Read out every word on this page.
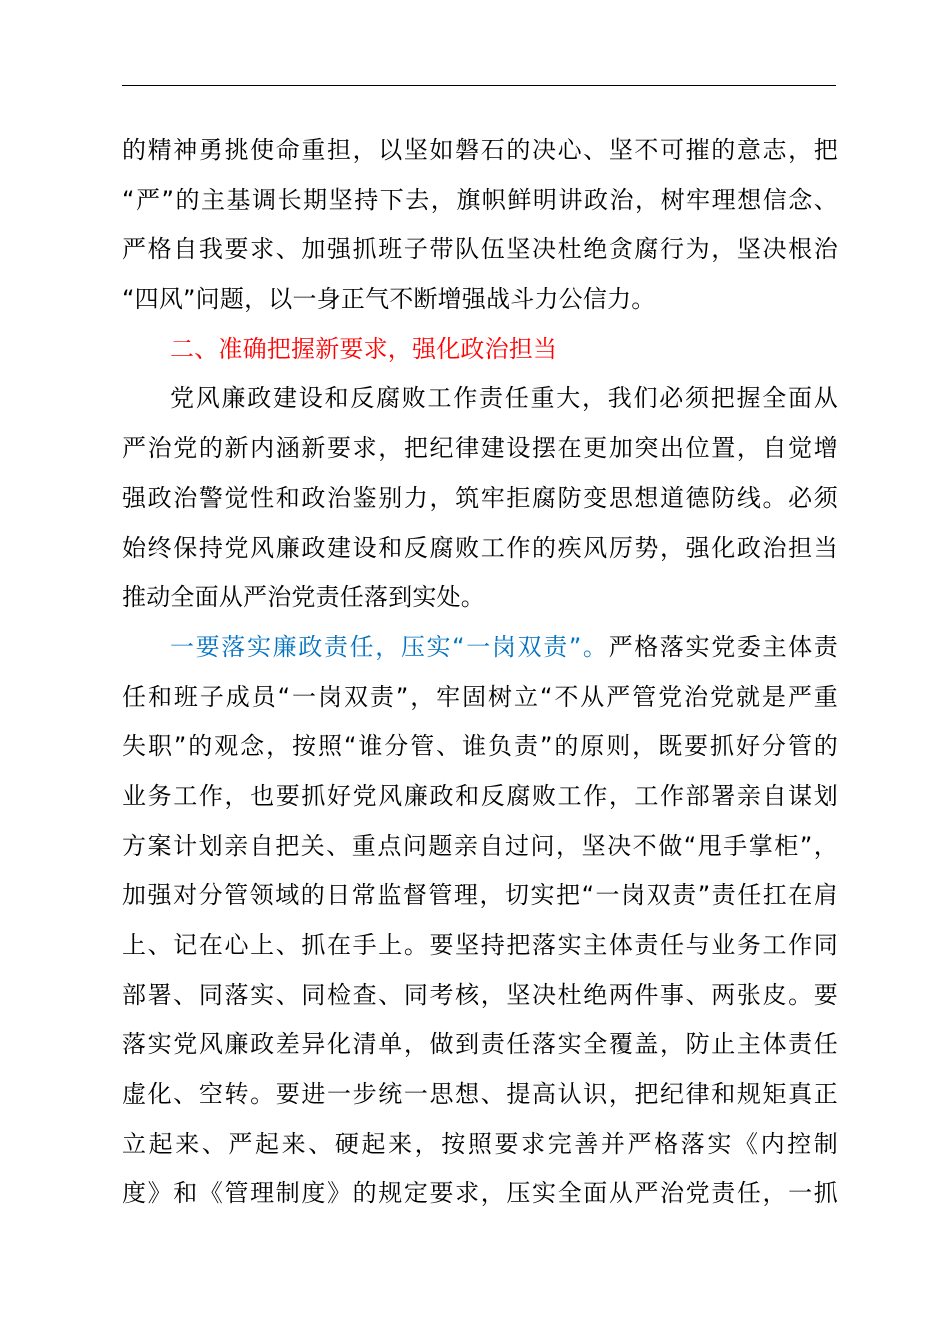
的精神勇挑使命重担，以坚如磐石的决心、坚不可摧的意志，把
“严”的主基调长期坚持下去，旗帜鲜明讲政治，树牢理想信念、
严格自我要求、加强抓班子带队伍坚决杜绝贪腐行为，坚决根治
“四风”问题，以一身正气不断增强战斗力公信力。
二、准确把握新要求，强化政治担当
党风廉政建设和反腐败工作责任重大，我们必须把握全面从
严治党的新内涵新要求，把纪律建设摆在更加突出位置，自觉增
强政治警觉性和政治鉴别力，筑牢拒腐防变思想道德防线。必须
始终保持党风廉政建设和反腐败工作的疾风厉势，强化政治担当
推动全面从严治党责任落到实处。
一要落实廉政责任，压实“一岗双责”。严格落实党委主体责
任和班子成员“一岗双责”，牢固树立“不从严管党治党就是严重
失职”的观念，按照“谁分管、谁负责”的原则，既要抓好分管的
业务工作，也要抓好党风廉政和反腐败工作，工作部署亲自谋划
方案计划亲自把关、重点问题亲自过问，坚决不做“甩手掌柜”，
加强对分管领域的日常监督管理，切实把“一岗双责”责任扛在肩
上、记在心上、抓在手上。要坚持把落实主体责任与业务工作同
部署、同落实、同检查、同考核，坚决杜绝两件事、两张皮。要
落实党风廉政差异化清单，做到责任落实全覆盖，防止主体责任
虚化、空转。要进一步统一思想、提高认识，把纪律和规矩真正
立起来、严起来、硬起来，按照要求完善并严格落实《内控制
度》和《管理制度》的规定要求，压实全面从严治党责任，一抓
